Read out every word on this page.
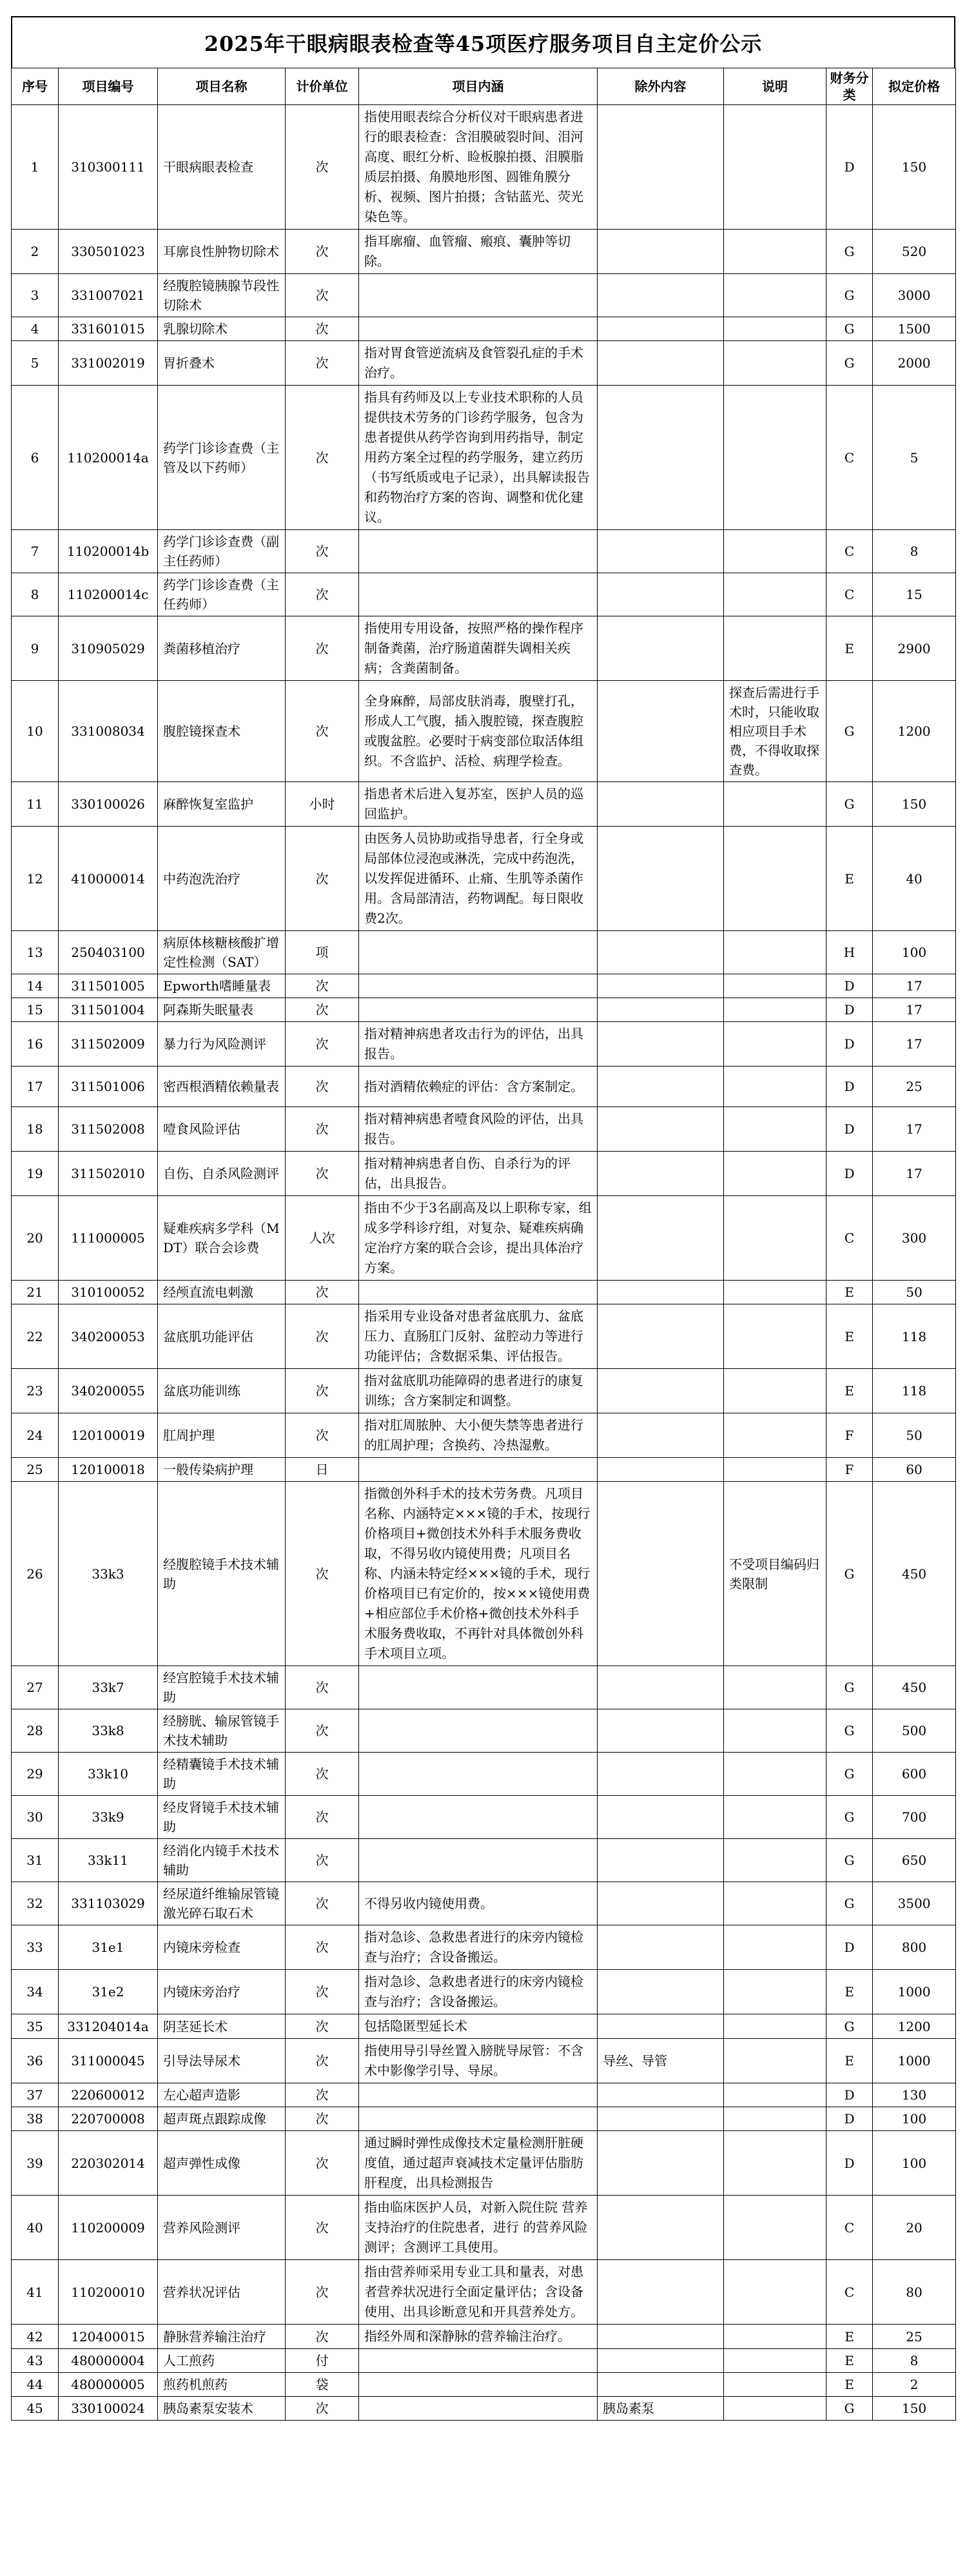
2025年干眼病眼表检查等45项医疗服务项目自主定价公示
序号	项目编号	项目名称	计价单位	项目内涵	除外内容	说明	财务分类	拟定价格
1	310300111	干眼病眼表检查	次	指使用眼表综合分析仪对干眼病患者进行的眼表检查：含泪膜破裂时间、泪河高度、眼红分析、睑板腺拍摄、泪膜脂质层拍摄、角膜地形图、圆锥角膜分析、视频、图片拍摄；含钴蓝光、荧光染色等。			D	150
2	330501023	耳廓良性肿物切除术	次	指耳廓瘤、血管瘤、瘢痕、囊肿等切除。			G	520
3	331007021	经腹腔镜胰腺节段性切除术	次				G	3000
4	331601015	乳腺切除术	次				G	1500
5	331002019	胃折叠术	次	指对胃食管逆流病及食管裂孔症的手术治疗。			G	2000
6	110200014a	药学门诊诊查费（主管及以下药师）	次	指具有药师及以上专业技术职称的人员提供技术劳务的门诊药学服务，包含为患者提供从药学咨询到用药指导，制定用药方案全过程的药学服务，建立药历（书写纸质或电子记录），出具解读报告和药物治疗方案的咨询、调整和优化建议。			C	5
7	110200014b	药学门诊诊查费（副主任药师）	次				C	8
8	110200014c	药学门诊诊查费（主任药师）	次				C	15
9	310905029	粪菌移植治疗	次	指使用专用设备，按照严格的操作程序制备粪菌，治疗肠道菌群失调相关疾病；含粪菌制备。			E	2900
10	331008034	腹腔镜探查术	次	全身麻醉，局部皮肤消毒，腹壁打孔，形成人工气腹，插入腹腔镜，探查腹腔或腹盆腔。必要时于病变部位取活体组织。不含监护、活检、病理学检查。		探查后需进行手术时，只能收取相应项目手术费，不得收取探查费。	G	1200
11	330100026	麻醉恢复室监护	小时	指患者术后进入复苏室，医护人员的巡回监护。			G	150
12	410000014	中药泡洗治疗	次	由医务人员协助或指导患者，行全身或局部体位浸泡或淋洗，完成中药泡洗，以发挥促进循环、止痛、生肌等杀菌作用。含局部清洁，药物调配。每日限收费2次。			E	40
13	250403100	病原体核糖核酸扩增定性检测（SAT）	项				H	100
14	311501005	Epworth嗜睡量表	次				D	17
15	311501004	阿森斯失眠量表	次				D	17
16	311502009	暴力行为风险测评	次	指对精神病患者攻击行为的评估，出具报告。			D	17
17	311501006	密西根酒精依赖量表	次	指对酒精依赖症的评估：含方案制定。			D	25
18	311502008	噎食风险评估	次	指对精神病患者噎食风险的评估，出具报告。			D	17
19	311502010	自伤、自杀风险测评	次	指对精神病患者自伤、自杀行为的评估，出具报告。			D	17
20	111000005	疑难疾病多学科（MDT）联合会诊费	人次	指由不少于3名副高及以上职称专家，组成多学科诊疗组，对复杂、疑难疾病确定治疗方案的联合会诊，提出具体治疗方案。			C	300
21	310100052	经颅直流电刺激	次				E	50
22	340200053	盆底肌功能评估	次	指采用专业设备对患者盆底肌力、盆底压力、直肠肛门反射、盆腔动力等进行功能评估；含数据采集、评估报告。			E	118
23	340200055	盆底功能训练	次	指对盆底肌功能障碍的患者进行的康复训练；含方案制定和调整。			E	118
24	120100019	肛周护理	次	指对肛周脓肿、大小便失禁等患者进行的肛周护理；含换药、冷热湿敷。			F	50
25	120100018	一般传染病护理	日				F	60
26	33k3	经腹腔镜手术技术辅助	次	指微创外科手术的技术劳务费。凡项目名称、内涵特定×××镜的手术，按现行价格项目+微创技术外科手术服务费收取，不得另收内镜使用费；凡项目名称、内涵未特定经×××镜的手术，现行价格项目已有定价的，按×××镜使用费+相应部位手术价格+微创技术外科手术服务费收取，不再针对具体微创外科手术项目立项。		不受项目编码归类限制	G	450
27	33k7	经宫腔镜手术技术辅助	次				G	450
28	33k8	经膀胱、输尿管镜手术技术辅助	次				G	500
29	33k10	经精囊镜手术技术辅助	次				G	600
30	33k9	经皮肾镜手术技术辅助	次				G	700
31	33k11	经消化内镜手术技术辅助	次				G	650
32	331103029	经尿道纤维输尿管镜激光碎石取石术	次	不得另收内镜使用费。			G	3500
33	31e1	内镜床旁检查	次	指对急诊、急救患者进行的床旁内镜检查与治疗；含设备搬运。			D	800
34	31e2	内镜床旁治疗	次	指对急诊、急救患者进行的床旁内镜检查与治疗；含设备搬运。			E	1000
35	331204014a	阴茎延长术	次	包括隐匿型延长术			G	1200
36	311000045	引导法导尿术	次	指使用导引导丝置入膀胱导尿管：不含术中影像学引导、导尿。	导丝、导管		E	1000
37	220600012	左心超声造影	次				D	130
38	220700008	超声斑点跟踪成像	次				D	100
39	220302014	超声弹性成像	次	通过瞬时弹性成像技术定量检测肝脏硬度值，通过超声衰减技术定量评估脂肪肝程度，出具检测报告			D	100
40	110200009	营养风险测评	次	指由临床医护人员，对新入院住院 营养支持治疗的住院患者，进行 的营养风险测评；含测评工具使用。			C	20
41	110200010	营养状况评估	次	指由营养师采用专业工具和量表，对患者营养状况进行全面定量评估；含设备使用、出具诊断意见和开具营养处方。			C	80
42	120400015	静脉营养输注治疗	次	指经外周和深静脉的营养输注治疗。			E	25
43	480000004	人工煎药	付				E	8
44	480000005	煎药机煎药	袋				E	2
45	330100024	胰岛素泵安装术	次		胰岛素泵		G	150
